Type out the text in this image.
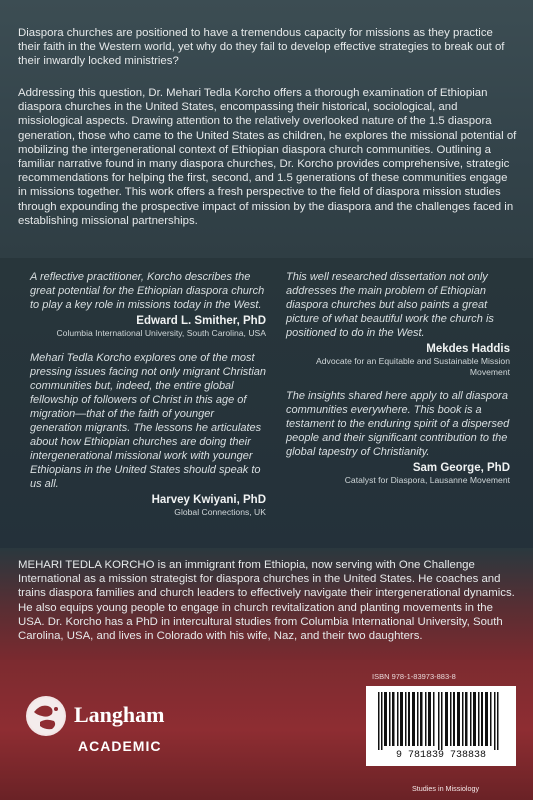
Diaspora churches are positioned to have a tremendous capacity for missions as they practice their faith in the Western world, yet why do they fail to develop effective strategies to break out of their inwardly locked ministries?

Addressing this question, Dr. Mehari Tedla Korcho offers a thorough examination of Ethiopian diaspora churches in the United States, encompassing their historical, sociological, and missiological aspects. Drawing attention to the relatively overlooked nature of the 1.5 diaspora generation, those who came to the United States as children, he explores the missional potential of mobilizing the intergenerational context of Ethiopian diaspora church communities. Outlining a familiar narrative found in many diaspora churches, Dr. Korcho provides comprehensive, strategic recommendations for helping the first, second, and 1.5 generations of these communities engage in missions together. This work offers a fresh perspective to the field of diaspora mission studies through expounding the prospective impact of mission by the diaspora and the challenges faced in establishing missional partnerships.

A reflective practitioner, Korcho describes the great potential for the Ethiopian diaspora church to play a key role in missions today in the West.

Edward L. Smither, PhD

Columbia International University, South Carolina, USA

Mehari Tedla Korcho explores one of the most pressing issues facing not only migrant Christian communities but, indeed, the entire global fellowship of followers of Christ in this age of migration—that of the faith of younger generation migrants. The lessons he articulates about how Ethiopian churches are doing their intergenerational missional work with younger Ethiopians in the United States should speak to us all.

Harvey Kwiyani, PhD

Global Connections, UK

This well researched dissertation not only addresses the main problem of Ethiopian diaspora churches but also paints a great picture of what beautiful work the church is positioned to do in the West.

Mekdes Haddis

Advocate for an Equitable and Sustainable Mission Movement

The insights shared here apply to all diaspora communities everywhere. This book is a testament to the enduring spirit of a dispersed people and their significant contribution to the global tapestry of Christianity.

Sam George, PhD

Catalyst for Diaspora, Lausanne Movement

MEHARI TEDLA KORCHO is an immigrant from Ethiopia, now serving with One Challenge International as a mission strategist for diaspora churches in the United States. He coaches and trains diaspora families and church leaders to effectively navigate their intergenerational dynamics. He also equips young people to engage in church revitalization and planting movements in the USA. Dr. Korcho has a PhD in intercultural studies from Columbia International University, South Carolina, USA, and lives in Colorado with his wife, Naz, and their two daughters.

Langham
ACADEMIC
ISBN 978-1-83973-883-8
9 781839 738838
Studies in Missiology
